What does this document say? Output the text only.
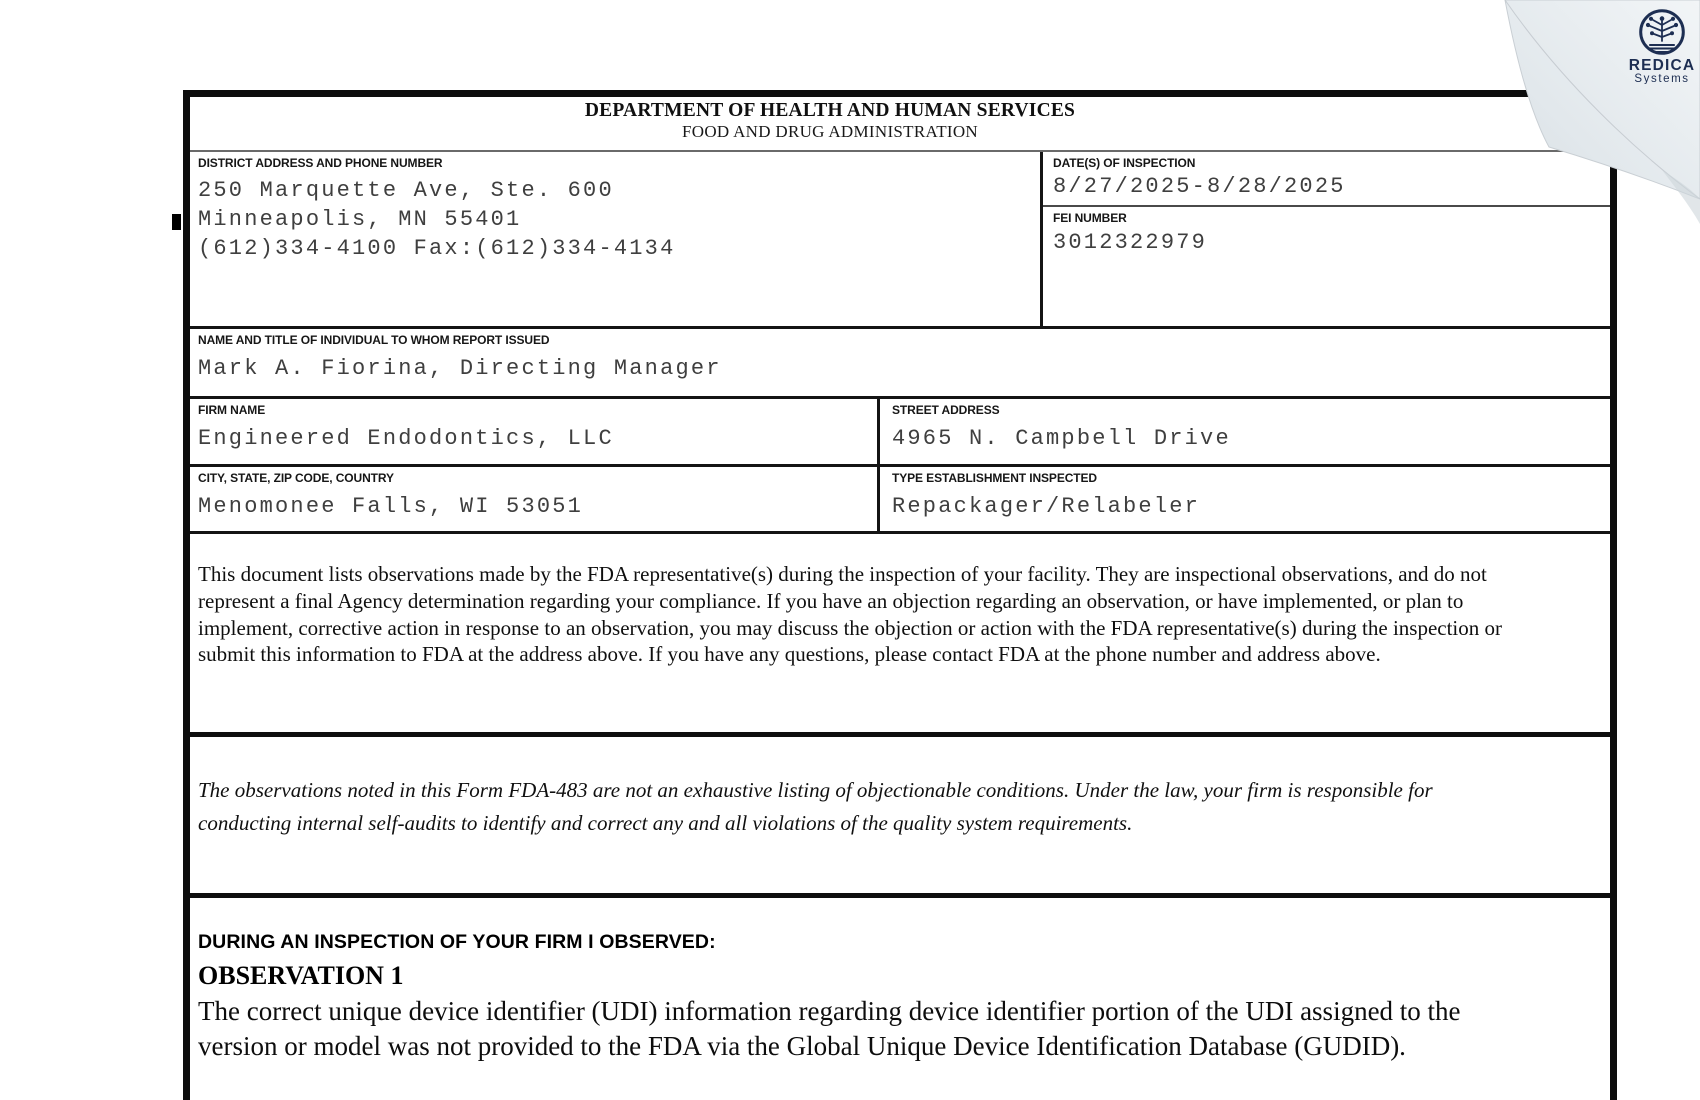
DEPARTMENT OF HEALTH AND HUMAN SERVICES
FOOD AND DRUG ADMINISTRATION
DISTRICT ADDRESS AND PHONE NUMBER
250 Marquette Ave, Ste. 600
Minneapolis, MN 55401
(612)334-4100 Fax:(612)334-4134
DATE(S) OF INSPECTION
8/27/2025-8/28/2025
FEI NUMBER
3012322979
NAME AND TITLE OF INDIVIDUAL TO WHOM REPORT ISSUED
Mark A. Fiorina, Directing Manager
FIRM NAME
Engineered Endodontics, LLC
STREET ADDRESS
4965 N. Campbell Drive
CITY, STATE, ZIP CODE, COUNTRY
Menomonee Falls, WI 53051
TYPE ESTABLISHMENT INSPECTED
Repackager/Relabeler
This document lists observations made by the FDA representative(s) during the inspection of your facility. They are inspectional observations, and do not represent a final Agency determination regarding your compliance. If you have an objection regarding an observation, or have implemented, or plan to implement, corrective action in response to an observation, you may discuss the objection or action with the FDA representative(s) during the inspection or submit this information to FDA at the address above. If you have any questions, please contact FDA at the phone number and address above.
The observations noted in this Form FDA-483 are not an exhaustive listing of objectionable conditions. Under the law, your firm is responsible for conducting internal self-audits to identify and correct any and all violations of the quality system requirements.
DURING AN INSPECTION OF YOUR FIRM I OBSERVED:
OBSERVATION 1
The correct unique device identifier (UDI) information regarding device identifier portion of the UDI assigned to the version or model was not provided to the FDA via the Global Unique Device Identification Database (GUDID).
REDICA
Systems
